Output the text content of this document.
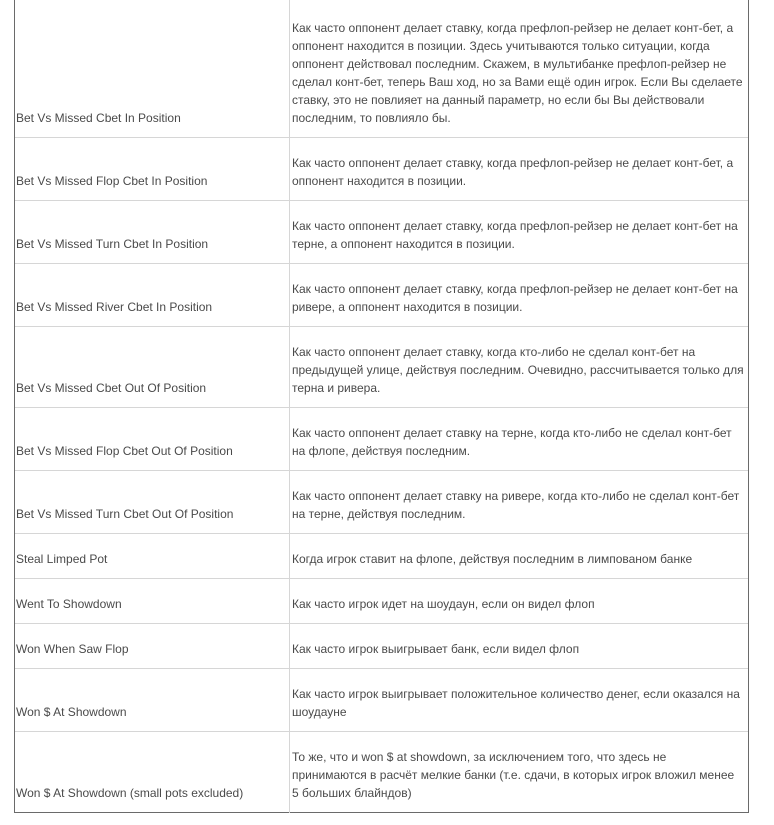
Bet Vs Missed Cbet In Position	Как часто оппонент делает ставку, когда префлоп-рейзер не делает конт-бет, а оппонент находится в позиции. Здесь учитываются только ситуации, когда оппонент действовал последним. Скажем, в мультибанке префлоп-рейзер не сделал конт-бет, теперь Ваш ход, но за Вами ещё один игрок. Если Вы сделаете ставку, это не повлияет на данный параметр, но если бы Вы действовали последним, то повлияло бы.
Bet Vs Missed Flop Cbet In Position	Как часто оппонент делает ставку, когда префлоп-рейзер не делает конт-бет, а оппонент находится в позиции.
Bet Vs Missed Turn Cbet In Position	Как часто оппонент делает ставку, когда префлоп-рейзер не делает конт-бет на терне, а оппонент находится в позиции.
Bet Vs Missed River Cbet In Position	Как часто оппонент делает ставку, когда префлоп-рейзер не делает конт-бет на ривере, а оппонент находится в позиции.
Bet Vs Missed Cbet Out Of Position	Как часто оппонент делает ставку, когда кто-либо не сделал конт-бет на предыдущей улице, действуя последним. Очевидно, рассчитывается только для терна и ривера.
Bet Vs Missed Flop Cbet Out Of Position	Как часто оппонент делает ставку на терне, когда кто-либо не сделал конт-бет на флопе, действуя последним.
Bet Vs Missed Turn Cbet Out Of Position	Как часто оппонент делает ставку на ривере, когда кто-либо не сделал конт-бет на терне, действуя последним.
Steal Limped Pot	Когда игрок ставит на флопе, действуя последним в лимпованом банке
Went To Showdown	Как часто игрок идет на шоудаун, если он видел флоп
Won When Saw Flop	Как часто игрок выигрывает банк, если видел флоп
Won $ At Showdown	Как часто игрок выигрывает положительное количество денег, если оказался на шоудауне
Won $ At Showdown (small pots excluded)	То же, что и won $ at showdown, за исключением того, что здесь не принимаются в расчёт мелкие банки (т.е. сдачи, в которых игрок вложил менее 5 больших блайндов)
